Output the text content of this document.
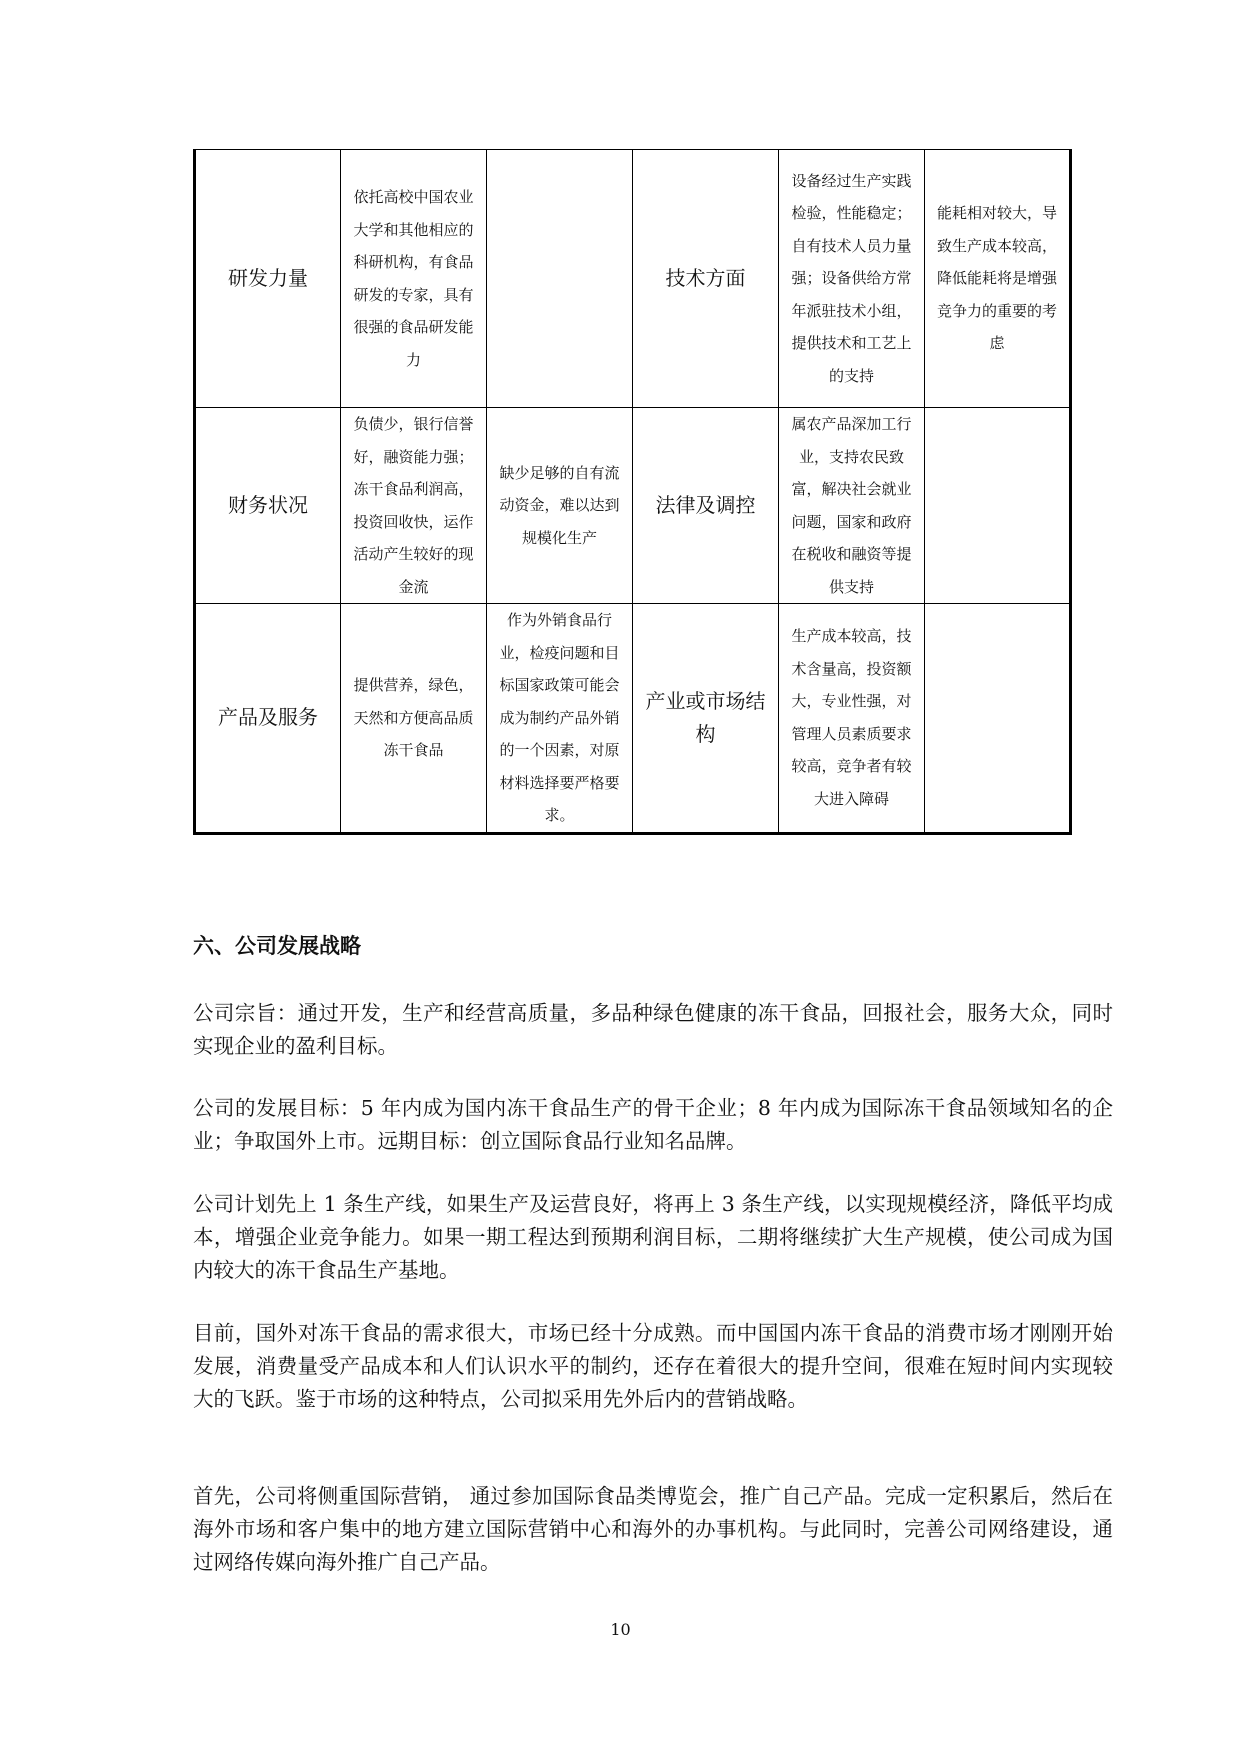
研发力量	依托高校中国农业大学和其他相应的科研机构，有食品研发的专家，具有很强的食品研发能力		技术方面	设备经过生产实践检验，性能稳定；自有技术人员力量强；设备供给方常年派驻技术小组，提供技术和工艺上的支持	能耗相对较大，导致生产成本较高，降低能耗将是增强竞争力的重要的考虑
财务状况	负债少，银行信誉好，融资能力强；冻干食品利润高，投资回收快，运作活动产生较好的现金流	缺少足够的自有流动资金，难以达到规模化生产	法律及调控	属农产品深加工行业，支持农民致富，解决社会就业问题，国家和政府在税收和融资等提供支持	
产品及服务	提供营养，绿色，天然和方便高品质冻干食品	作为外销食品行业，检疫问题和目标国家政策可能会成为制约产品外销的一个因素，对原材料选择要严格要求。	产业或市场结构	生产成本较高，技术含量高，投资额大，专业性强，对管理人员素质要求较高，竞争者有较大进入障碍	
六、公司发展战略

公司宗旨：通过开发，生产和经营高质量，多品种绿色健康的冻干食品，回报社会，服务大众，同时实现企业的盈利目标。

公司的发展目标：5 年内成为国内冻干食品生产的骨干企业；8 年内成为国际冻干食品领域知名的企业；争取国外上市。远期目标：创立国际食品行业知名品牌。

公司计划先上 1 条生产线，如果生产及运营良好，将再上 3 条生产线，以实现规模经济，降低平均成本，增强企业竞争能力。如果一期工程达到预期利润目标，二期将继续扩大生产规模，使公司成为国内较大的冻干食品生产基地。

目前，国外对冻干食品的需求很大，市场已经十分成熟。而中国国内冻干食品的消费市场才刚刚开始发展，消费量受产品成本和人们认识水平的制约，还存在着很大的提升空间，很难在短时间内实现较大的飞跃。鉴于市场的这种特点，公司拟采用先外后内的营销战略。

首先，公司将侧重国际营销， 通过参加国际食品类博览会，推广自己产品。完成一定积累后，然后在海外市场和客户集中的地方建立国际营销中心和海外的办事机构。与此同时，完善公司网络建设，通过网络传媒向海外推广自己产品。

10
